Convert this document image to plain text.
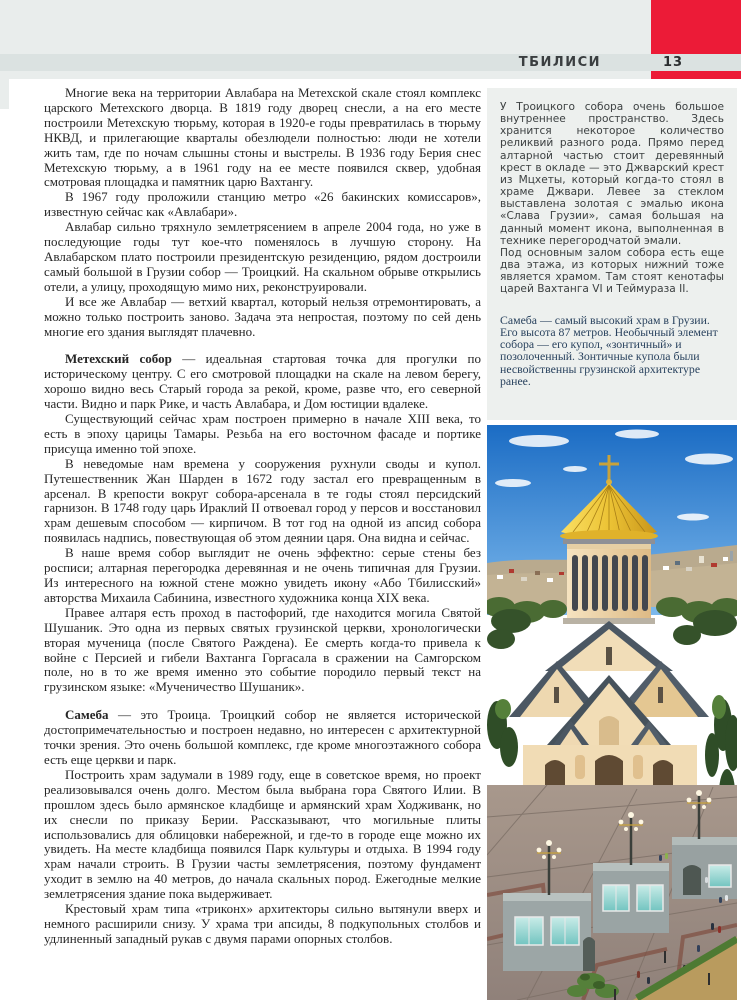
ТБИЛИСИ	13

Многие века на территории Авлабара на Метехской скале стоял комплекс царского Метехского дворца. В 1819 году дворец снесли, а на его месте построили Метехскую тюрьму, которая в 1920-е годы превратилась в тюрьму НКВД, и прилегающие кварталы обезлюдели полностью: люди не хотели жить там, где по ночам слышны стоны и выстрелы. В 1936 году Берия снес Метехскую тюрьму, а в 1961 году на ее месте появился сквер, удобная смотровая площадка и памятник царю Вахтангу.

В 1967 году проложили станцию метро «26 бакинских комиссаров», известную сейчас как «Авлабари».

Авлабар сильно тряхнуло землетрясением в апреле 2004 года, но уже в последующие годы тут кое-что поменялось в лучшую сторону. На Авлабарском плато построили президентскую резиденцию, рядом достроили самый большой в Грузии собор — Троицкий. На скальном обрыве открылись отели, а улицу, проходящую мимо них, реконструировали.

И все же Авлабар — ветхий квартал, который нельзя отремонтировать, а можно только построить заново. Задача эта непростая, поэтому по сей день многие его здания выглядят плачевно.

Метехский собор — идеальная стартовая точка для прогулки по историческому центру. С его смотровой площадки на скале на левом берегу, хорошо видно весь Старый города за рекой, кроме, разве что, его северной части. Видно и парк Рике, и часть Авлабара, и Дом юстиции вдалеке.

Существующий сейчас храм построен примерно в начале XIII века, то есть в эпоху царицы Тамары. Резьба на его восточном фасаде и портике присуща именно той эпохе.

В неведомые нам времена у сооружения рухнули своды и купол. Путешественник Жан Шарден в 1672 году застал его превращенным в арсенал. В крепости вокруг собора-арсенала в те годы стоял персидский гарнизон. В 1748 году царь Ираклий II отвоевал город у персов и восстановил храм дешевым способом — кирпичом. В тот год на одной из апсид собора появилась надпись, повествующая об этом деянии царя. Она видна и сейчас.

В наше время собор выглядит не очень эффектно: серые стены без росписи; алтарная перегородка деревянная и не очень типичная для Грузии. Из интересного на южной стене можно увидеть икону «Або Тбилисский» авторства Михаила Сабинина, известного художника конца XIX века.

Правее алтаря есть проход в пастофорий, где находится могила Святой Шушаник. Это одна из первых святых грузинской церкви, хронологически вторая мученица (после Святого Раждена). Ее смерть когда-то привела к войне с Персией и гибели Вахтанга Горгасала в сражении на Самгорском поле, но в то же время именно это событие породило первый текст на грузинском языке: «Мученичество Шушаник».

Самеба — это Троица. Троицкий собор не является исторической достопримечательностью и построен недавно, но интересен с архитектурной точки зрения. Это очень большой комплекс, где кроме многоэтажного собора есть еще церкви и парк.

Построить храм задумали в 1989 году, еще в советское время, но проект реализовывался очень долго. Местом была выбрана гора Святого Илии. В прошлом здесь было армянское кладбище и армянский храм Ходживанк, но их снесли по приказу Берии. Рассказывают, что могильные плиты использовались для облицовки набережной, и где-то в городе еще можно их увидеть. На месте кладбища появился Парк культуры и отдыха. В 1994 году храм начали строить. В Грузии часты землетрясения, поэтому фундамент уходит в землю на 40 метров, до начала скальных пород. Ежегодные мелкие землетрясения здание пока выдерживает.

Крестовый храм типа «триконх» архитекторы сильно вытянули вверх и немного расширили снизу. У храма три апсиды, 8 подкупольных столбов и удлиненный западный рукав с двумя парами опорных столбов.

У Троицкого собора очень большое внутреннее пространство. Здесь хранится некоторое количество реликвий разного рода. Прямо перед алтарной частью стоит деревянный крест в окладе — это Джварский крест из Мцхеты, который когда-то стоял в храме Джвари. Левее за стеклом выставлена золотая с эмалью икона «Слава Грузии», самая большая на данный момент икона, выполненная в технике перегородчатой эмали.

Под основным залом собора есть еще два этажа, из которых нижний тоже является храмом. Там стоят кенотафы царей Вахтанга VI и Теймураза II.

Самеба — самый высокий храм в Грузии. Его высота 87 метров. Необычный элемент собора — его купол, «зонтичный» и позолоченный. Зонтичные купола были несвойственны грузинской архитектуре ранее.
